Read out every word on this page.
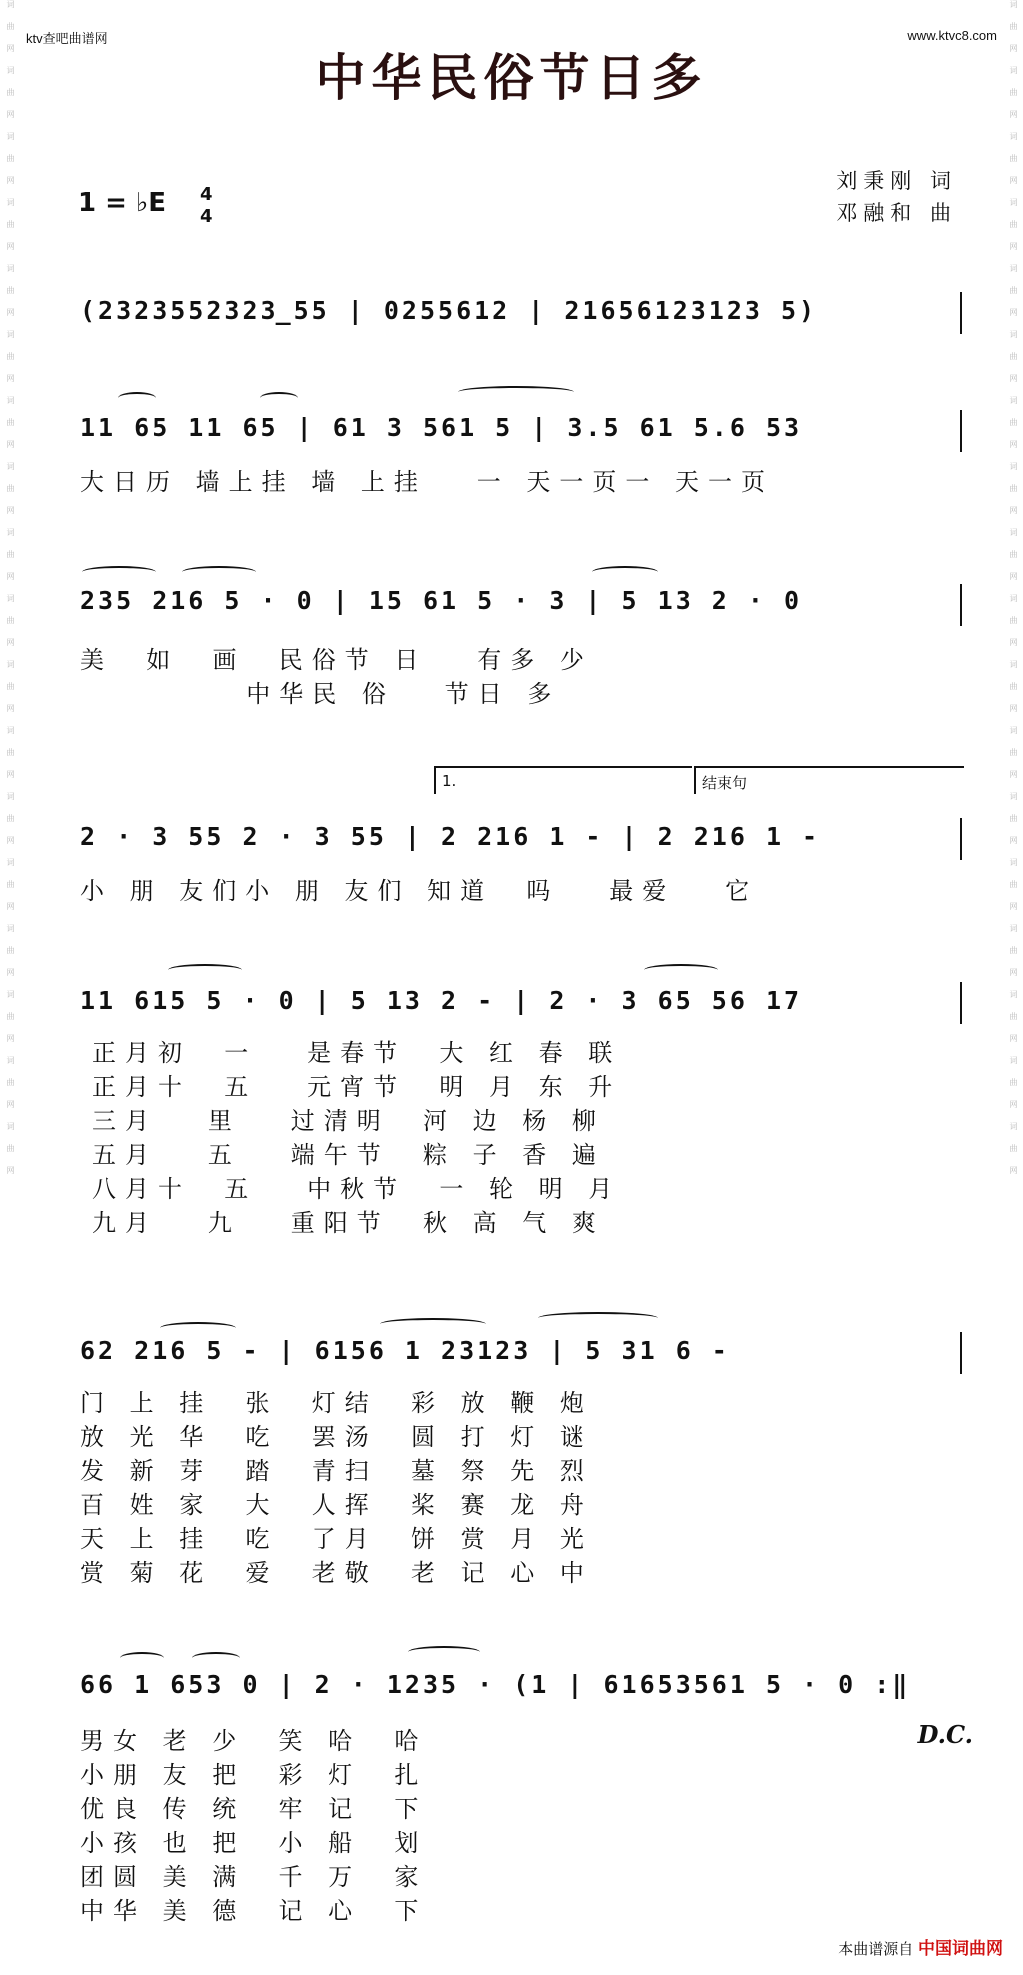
词曲网词曲网词曲网词曲网词曲网词曲网词曲网词曲网词曲网词曲网词曲网词曲网词曲网词曲网词曲网词曲网词曲网词曲网	词曲网词曲网词曲网词曲网词曲网词曲网词曲网词曲网词曲网词曲网词曲网词曲网词曲网词曲网词曲网词曲网词曲网词曲网
ktv查吧曲谱网	www.ktvc8.com
中华民俗节日多
刘秉刚 词
邓融和 曲
1 = ♭E 4
4
(2323552323̲55 | 0255612 | 21656123123 5)
11 65 11 65 | 61 3 561 5 | 3.5 61 5.6 53
大日历 墙上挂 墙 上挂   一 天一页一 天一页
235 216 5 · 0 | 15 61 5 · 3 | 5 13 2 · 0
美  如  画  民俗节 日   有多 少
中华民 俗   节日 多
1.	结束句
2 · 3 55 2 · 3 55 | 2 216 1 - | 2 216 1 -
小 朋 友们小 朋 友们 知道  吗   最爱   它
11 615 5 · 0 | 5 13 2 - | 2 · 3 65 56 17
正月初  一   是春节  大 红 春 联
正月十  五   元宵节  明 月 东 升
三月   里   过清明  河 边 杨 柳
五月   五   端午节  粽 子 香 遍
八月十  五   中秋节  一 轮 明 月
九月   九   重阳节  秋 高 气 爽
62 216 5 - | 6156 1 23123 | 5 31 6 -
门 上 挂  张  灯结  彩 放 鞭 炮
放 光 华  吃  罢汤  圆 打 灯 谜
发 新 芽  踏  青扫  墓 祭 先 烈
百 姓 家  大  人挥  桨 赛 龙 舟
天 上 挂  吃  了月  饼 赏 月 光
赏 菊 花  爱  老敬  老 记 心 中
66 1 653 0 | 2 · 1235 · (1 | 61653561 5 · 0 :‖
D.C.
男女 老 少  笑 哈  哈
小朋 友 把  彩 灯  扎
优良 传 统  牢 记  下
小孩 也 把  小 船  划
团圆 美 满  千 万  家
中华 美 德  记 心  下
本曲谱源自 中国词曲网
